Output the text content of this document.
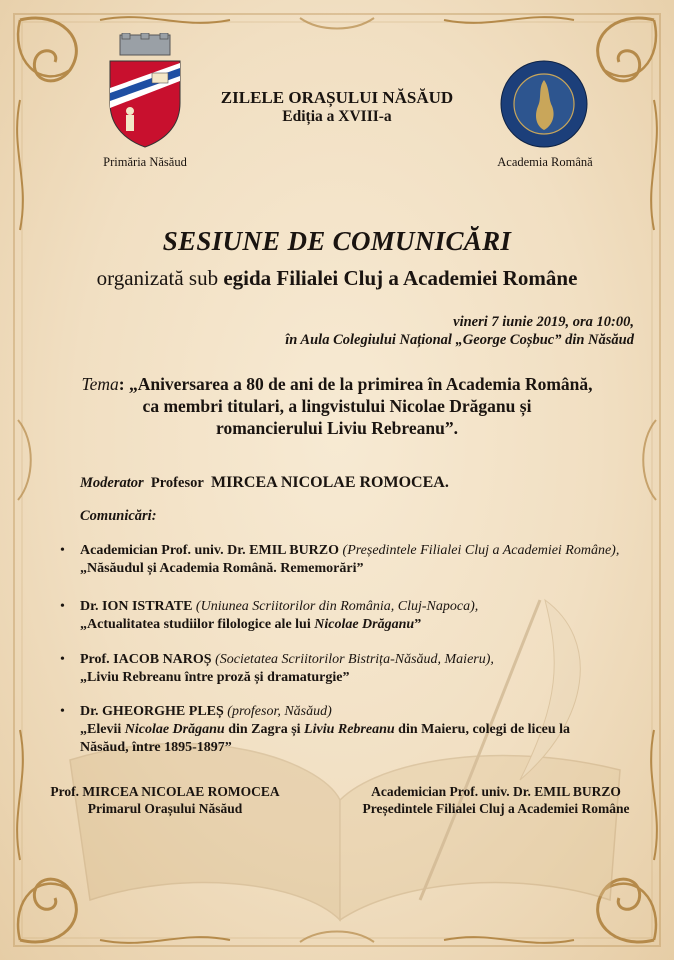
Primăria Năsăud	Academia Română
ZILELE ORAȘULUI NĂSĂUD
Ediția a XVIII-a
SESIUNE DE COMUNICĂRI
organizată sub egida Filialei Cluj a Academiei Române
vineri 7 iunie 2019, ora 10:00,
în Aula Colegiului Național „George Coșbuc” din Năsăud
Tema: „Aniversarea a 80 de ani de la primirea în Academia Română,
ca membri titulari, a lingvistului Nicolae Drăganu și
romancierului Liviu Rebreanu”.
Moderator Profesor MIRCEA NICOLAE ROMOCEA.
Comunicări:
• Academician Prof. univ. Dr. EMIL BURZO (Președintele Filialei Cluj a Academiei Române),„Năsăudul și Academia Română. Rememorări”
• Dr. ION ISTRATE (Uniunea Scriitorilor din România, Cluj-Napoca),
„Actualitatea studiilor filologice ale lui Nicolae Drăganu”
• Prof. IACOB NAROȘ (Societatea Scriitorilor Bistrița-Năsăud, Maieru),
„Liviu Rebreanu între proză și dramaturgie”
• Dr. GHEORGHE PLEȘ (profesor, Năsăud)
„Elevii Nicolae Drăganu din Zagra și Liviu Rebreanu din Maieru, colegi de liceu la
Năsăud, între 1895-1897”
Prof. MIRCEA NICOLAE ROMOCEA
Primarul Orașului Năsăud
Academician Prof. univ. Dr. EMIL BURZO
Președintele Filialei Cluj a Academiei Române
